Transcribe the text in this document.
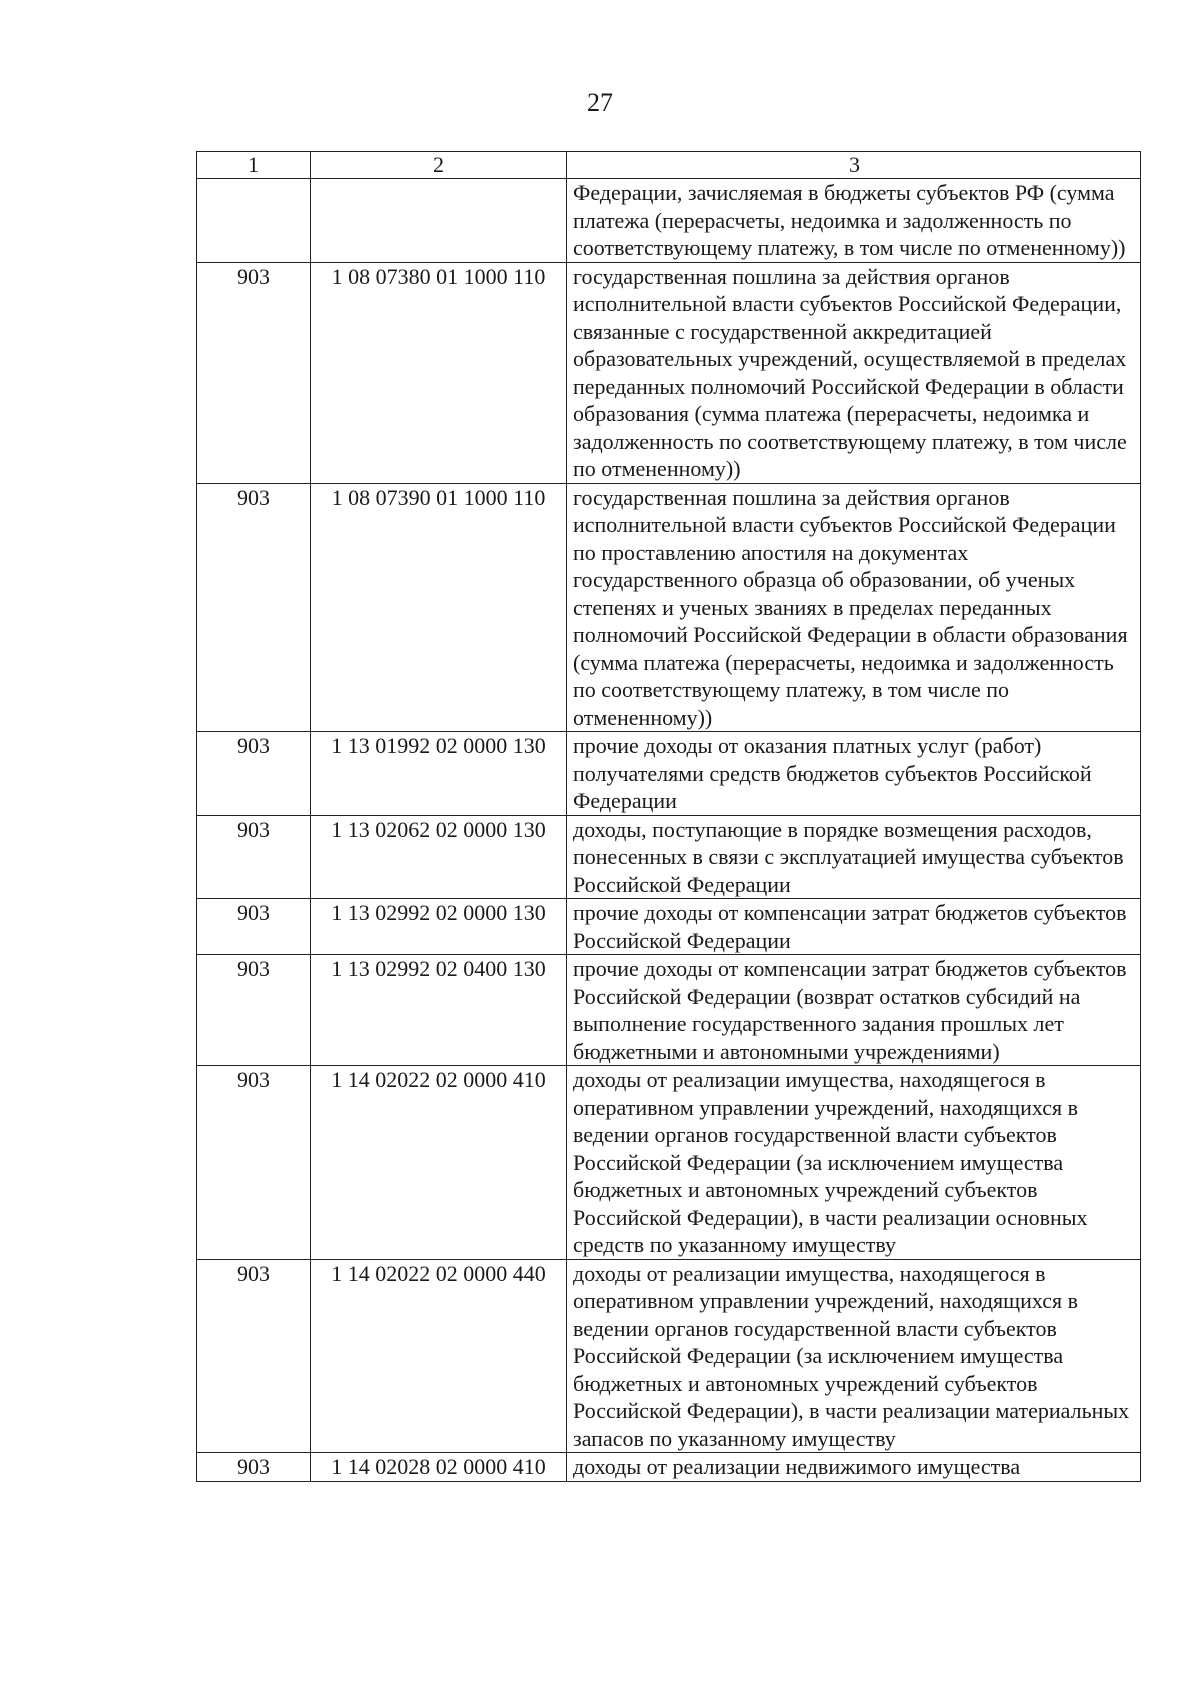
27
1	2	3
		Федерации, зачисляемая в бюджеты субъектов РФ (сумма платежа (перерасчеты, недоимка и задолженность по соответствующему платежу, в том числе по отмененному))
903	1 08 07380 01 1000 110	государственная пошлина за действия органов исполнительной власти субъектов Российской Федерации, связанные с государственной аккредитацией образовательных учреждений, осуществляемой в пределах переданных полномочий Российской Федерации в области образования (сумма платежа (перерасчеты, недоимка и задолженность по соответствующему платежу, в том числе по отмененному))
903	1 08 07390 01 1000 110	государственная пошлина за действия органов исполнительной власти субъектов Российской Федерации по проставлению апостиля на документах государственного образца об образовании, об ученых степенях и ученых званиях в пределах переданных полномочий Российской Федерации в области образования (сумма платежа (перерасчеты, недоимка и задолженность по соответствующему платежу, в том числе по отмененному))
903	1 13 01992 02 0000 130	прочие доходы от оказания платных услуг (работ) получателями средств бюджетов субъектов Российской Федерации
903	1 13 02062 02 0000 130	доходы, поступающие в порядке возмещения расходов, понесенных в связи с эксплуатацией имущества субъектов Российской Федерации
903	1 13 02992 02 0000 130	прочие доходы от компенсации затрат бюджетов субъектов Российской Федерации
903	1 13 02992 02 0400 130	прочие доходы от компенсации затрат бюджетов субъектов Российской Федерации (возврат остатков субсидий на выполнение государственного задания прошлых лет бюджетными и автономными учреждениями)
903	1 14 02022 02 0000 410	доходы от реализации имущества, находящегося в оперативном управлении учреждений, находящихся в ведении органов государственной власти субъектов Российской Федерации (за исключением имущества бюджетных и автономных учреждений субъектов Российской Федерации), в части реализации основных средств по указанному имуществу
903	1 14 02022 02 0000 440	доходы от реализации имущества, находящегося в оперативном управлении учреждений, находящихся в ведении органов государственной власти субъектов Российской Федерации (за исключением имущества бюджетных и автономных учреждений субъектов Российской Федерации), в части реализации материальных запасов по указанному имуществу
903	1 14 02028 02 0000 410	доходы от реализации недвижимого имущества
